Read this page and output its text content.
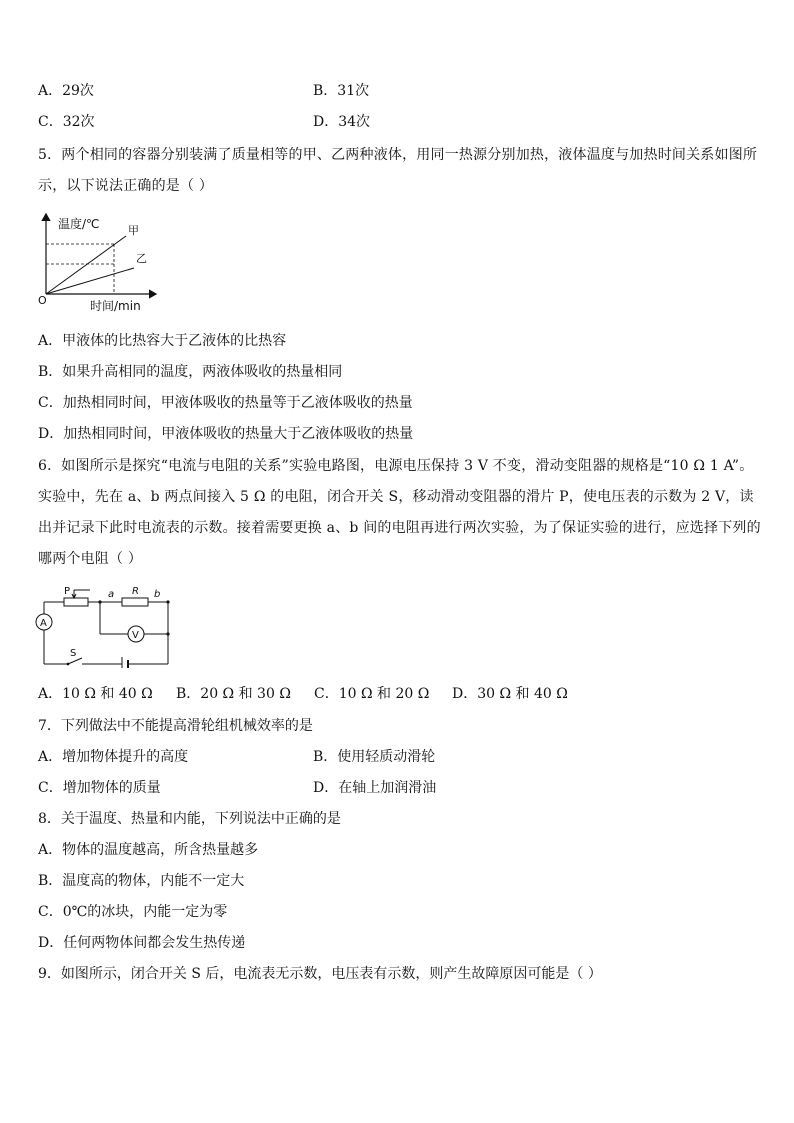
A．29次	B．31次
C．32次	D．34次
5．两个相同的容器分别装满了质量相等的甲、乙两种液体，用同一热源分别加热，液体温度与加热时间关系如图所示，以下说法正确的是（ ）
温度/℃	甲
乙
O	时间/min
A．甲液体的比热容大于乙液体的比热容
B．如果升高相同的温度，两液体吸收的热量相同
C．加热相同时间，甲液体吸收的热量等于乙液体吸收的热量
D．加热相同时间，甲液体吸收的热量大于乙液体吸收的热量
6．如图所示是探究“电流与电阻的关系”实验电路图，电源电压保持 3 V 不变，滑动变阻器的规格是“10 Ω 1 A”。实验中，先在 a、b 两点间接入 5 Ω 的电阻，闭合开关 S，移动滑动变阻器的滑片 P，使电压表的示数为 2 V，读出并记录下此时电流表的示数。接着需要更换 a、b 间的电阻再进行两次实验，为了保证实验的进行，应选择下列的哪两个电阻（ ）
A
P	a R b
V
S
A．10 Ω 和 40 Ω B．20 Ω 和 30 Ω C．10 Ω 和 20 Ω D．30 Ω 和 40 Ω
7．下列做法中不能提高滑轮组机械效率的是
A．增加物体提升的高度	B．使用轻质动滑轮
C．增加物体的质量	D．在轴上加润滑油
8．关于温度、热量和内能，下列说法中正确的是
A．物体的温度越高，所含热量越多
B．温度高的物体，内能不一定大
C．0℃的冰块，内能一定为零
D．任何两物体间都会发生热传递
9．如图所示，闭合开关 S 后，电流表无示数，电压表有示数，则产生故障原因可能是（ ）
